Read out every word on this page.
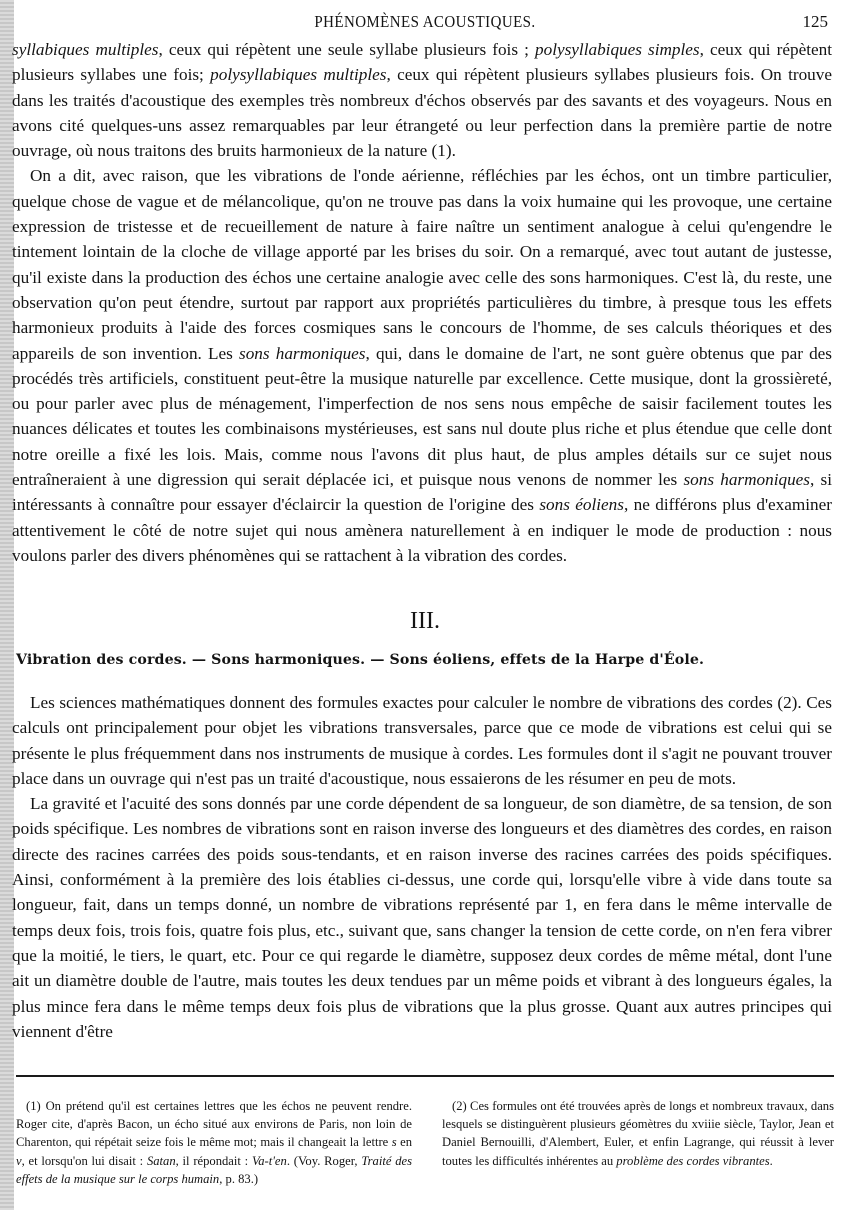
PHÉNOMÈNES ACOUSTIQUES.	125

syllabiques multiples, ceux qui répètent une seule syllabe plusieurs fois ; polysyllabiques simples, ceux qui répètent plusieurs syllabes une fois; polysyllabiques multiples, ceux qui répètent plusieurs syllabes plusieurs fois. On trouve dans les traités d'acoustique des exemples très nombreux d'échos observés par des savants et des voyageurs. Nous en avons cité quelques-uns assez remarquables par leur étrangeté ou leur perfection dans la première partie de notre ouvrage, où nous traitons des bruits harmonieux de la nature (1).

On a dit, avec raison, que les vibrations de l'onde aérienne, réfléchies par les échos, ont un timbre particulier, quelque chose de vague et de mélancolique, qu'on ne trouve pas dans la voix humaine qui les provoque, une certaine expression de tristesse et de recueillement de nature à faire naître un sentiment analogue à celui qu'engendre le tintement lointain de la cloche de village apporté par les brises du soir. On a remarqué, avec tout autant de justesse, qu'il existe dans la production des échos une certaine analogie avec celle des sons harmoniques. C'est là, du reste, une observation qu'on peut étendre, surtout par rapport aux propriétés particulières du timbre, à presque tous les effets harmonieux produits à l'aide des forces cosmiques sans le concours de l'homme, de ses calculs théoriques et des appareils de son invention. Les sons harmoniques, qui, dans le domaine de l'art, ne sont guère obtenus que par des procédés très artificiels, constituent peut-être la musique naturelle par excellence. Cette musique, dont la grossièreté, ou pour parler avec plus de ménagement, l'imperfection de nos sens nous empêche de saisir facilement toutes les nuances délicates et toutes les combinaisons mystérieuses, est sans nul doute plus riche et plus étendue que celle dont notre oreille a fixé les lois. Mais, comme nous l'avons dit plus haut, de plus amples détails sur ce sujet nous entraîneraient à une digression qui serait déplacée ici, et puisque nous venons de nommer les sons harmoniques, si intéressants à connaître pour essayer d'éclaircir la question de l'origine des sons éoliens, ne différons plus d'examiner attentivement le côté de notre sujet qui nous amènera naturellement à en indiquer le mode de production : nous voulons parler des divers phénomènes qui se rattachent à la vibration des cordes.

III.
Vibration des cordes. — Sons harmoniques. — Sons éoliens, effets de la Harpe d'Éole.

Les sciences mathématiques donnent des formules exactes pour calculer le nombre de vibrations des cordes (2). Ces calculs ont principalement pour objet les vibrations transversales, parce que ce mode de vibrations est celui qui se présente le plus fréquemment dans nos instruments de musique à cordes. Les formules dont il s'agit ne pouvant trouver place dans un ouvrage qui n'est pas un traité d'acoustique, nous essaierons de les résumer en peu de mots.

La gravité et l'acuité des sons donnés par une corde dépendent de sa longueur, de son diamètre, de sa tension, de son poids spécifique. Les nombres de vibrations sont en raison inverse des longueurs et des diamètres des cordes, en raison directe des racines carrées des poids sous-tendants, et en raison inverse des racines carrées des poids spécifiques. Ainsi, conformément à la première des lois établies ci-dessus, une corde qui, lorsqu'elle vibre à vide dans toute sa longueur, fait, dans un temps donné, un nombre de vibrations représenté par 1, en fera dans le même intervalle de temps deux fois, trois fois, quatre fois plus, etc., suivant que, sans changer la tension de cette corde, on n'en fera vibrer que la moitié, le tiers, le quart, etc. Pour ce qui regarde le diamètre, supposez deux cordes de même métal, dont l'une ait un diamètre double de l'autre, mais toutes les deux tendues par un même poids et vibrant à des longueurs égales, la plus mince fera dans le même temps deux fois plus de vibrations que la plus grosse. Quant aux autres principes qui viennent d'être

(1) On prétend qu'il est certaines lettres que les échos ne peuvent rendre. Roger cite, d'après Bacon, un écho situé aux environs de Paris, non loin de Charenton, qui répétait seize fois le même mot; mais il changeait la lettre s en v, et lorsqu'on lui disait : Satan, il répondait : Va-t'en. (Voy. Roger, Traité des effets de la musique sur le corps humain, p. 83.)

(2) Ces formules ont été trouvées après de longs et nombreux travaux, dans lesquels se distinguèrent plusieurs géomètres du xviiie siècle, Taylor, Jean et Daniel Bernouilli, d'Alembert, Euler, et enfin Lagrange, qui réussit à lever toutes les difficultés inhérentes au problème des cordes vibrantes.
